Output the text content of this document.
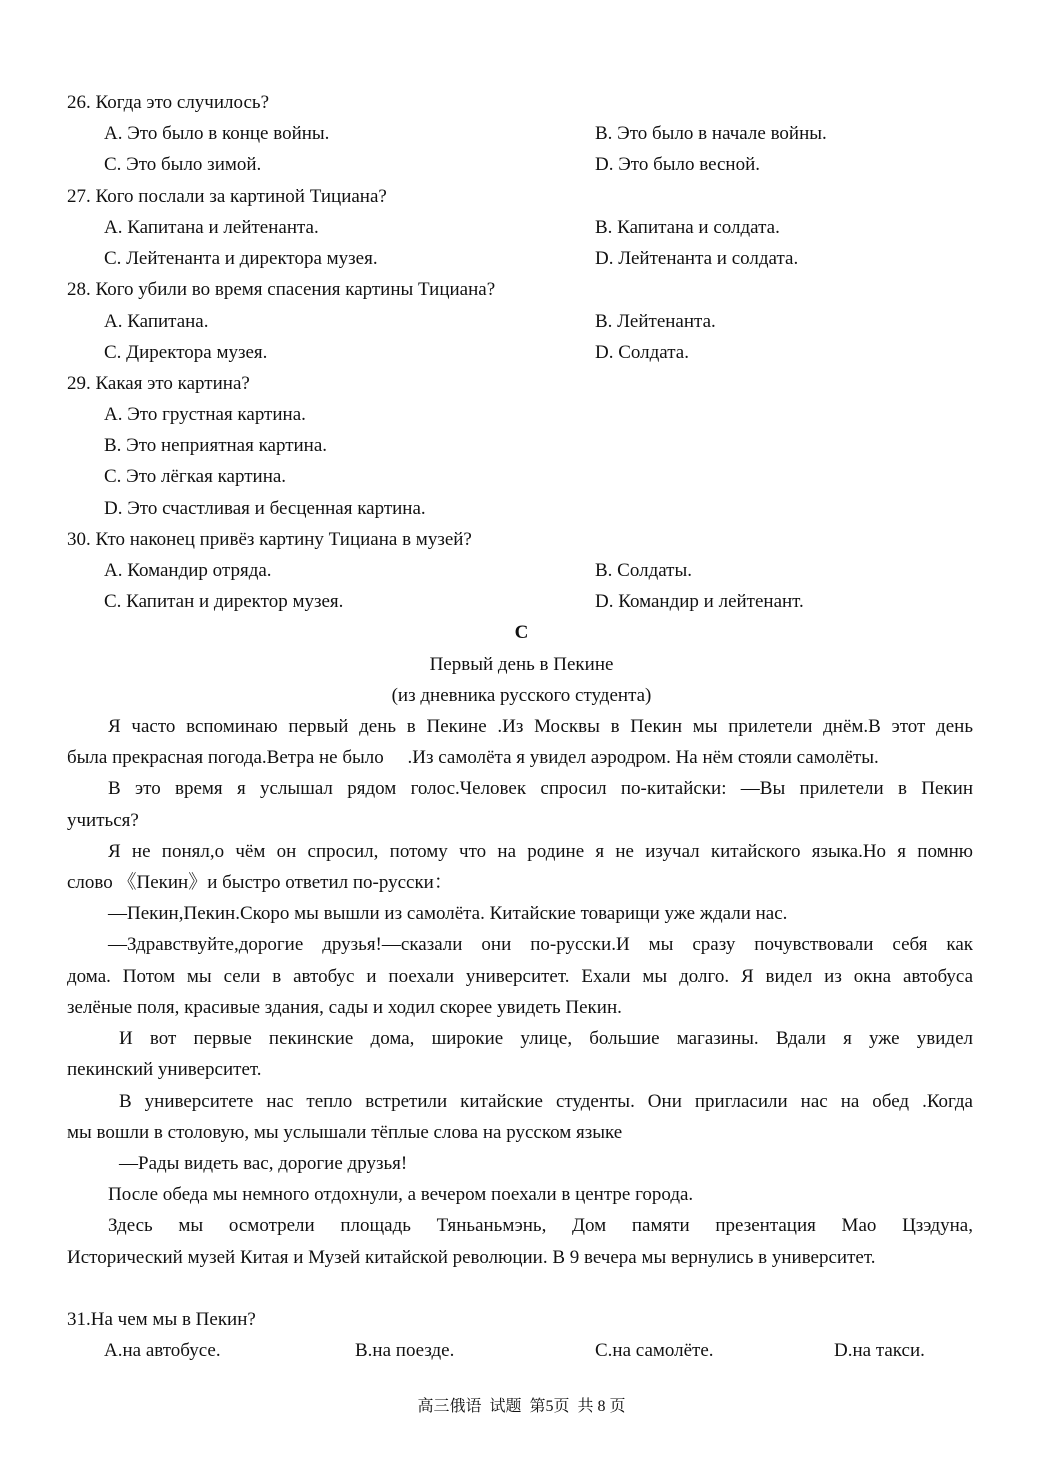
26. Когда это случилось?
A. Это было в конце войны.	B. Это было в начале войны.
C. Это было зимой.	D. Это было весной.
27. Кого послали за картиной Тициана?
A. Капитана и лейтенанта.	B. Капитана и солдата.
C. Лейтенанта и директора музея.	D. Лейтенанта и солдата.
28. Кого убили во время спасения картины Тициана?
A. Капитана.	B. Лейтенанта.
C. Директора музея.	D. Солдата.
29. Какая это картина?
A. Это грустная картина.
B. Это неприятная картина.
C. Это лёгкая картина.
D. Это счастливая и бесценная картина.
30. Кто наконец привёз картину Тициана в музей?
A. Командир отряда.	B. Солдаты.
C. Капитан и директор музея.	D. Командир и лейтенант.
C
Первый день в Пекине
(из дневника русского студента)
Я часто вспоминаю первый день в Пекине .Из Москвы в Пекин мы прилетели днём.В этот день
была прекрасная погода.Ветра не было     .Из самолёта я увидел аэродром. На нём стояли самолёты.
В это время я услышал рядом голос.Человек спросил по-китайски: —Вы прилетели в Пекин
учиться?
Я не понял,о чём он спросил, потому что на родине я не изучал китайского языка.Но я помню
слово 《Пекин》и быстро ответил по-русски：
—Пекин,Пекин.Скоро мы вышли из самолёта. Китайские товарищи уже ждали нас.
—Здравствуйте,дорогие друзья!—сказали они по-русски.И мы сразу почувствовали себя как
дома. Потом мы сели в автобус и поехали университет. Ехали мы долго. Я видел из окна автобуса
зелёные поля, красивые здания, сады и ходил скорее увидеть Пекин.
И вот первые пекинские дома, широкие улице, большие магазины. Вдали я уже увидел
пекинский университет.
В университете нас тепло встретили китайские студенты. Они пригласили нас на обед .Когда
мы вошли в столовую, мы услышали тёплые слова на русском языке
—Рады видеть вас, дорогие друзья!
После обеда мы немного отдохнули, а вечером поехали в центре города.
Здесь мы осмотрели площадь Тяньаньмэнь, Дом памяти презентация Мао Цзэдуна,
Исторический музей Китая и Музей китайской революции. В 9 вечера мы вернулись в университет.
31.На чем мы в Пекин?
A.на автобусе.	B.на поезде.	C.на самолёте.	D.на такси.
高三俄语  试题  第5页  共 8 页
